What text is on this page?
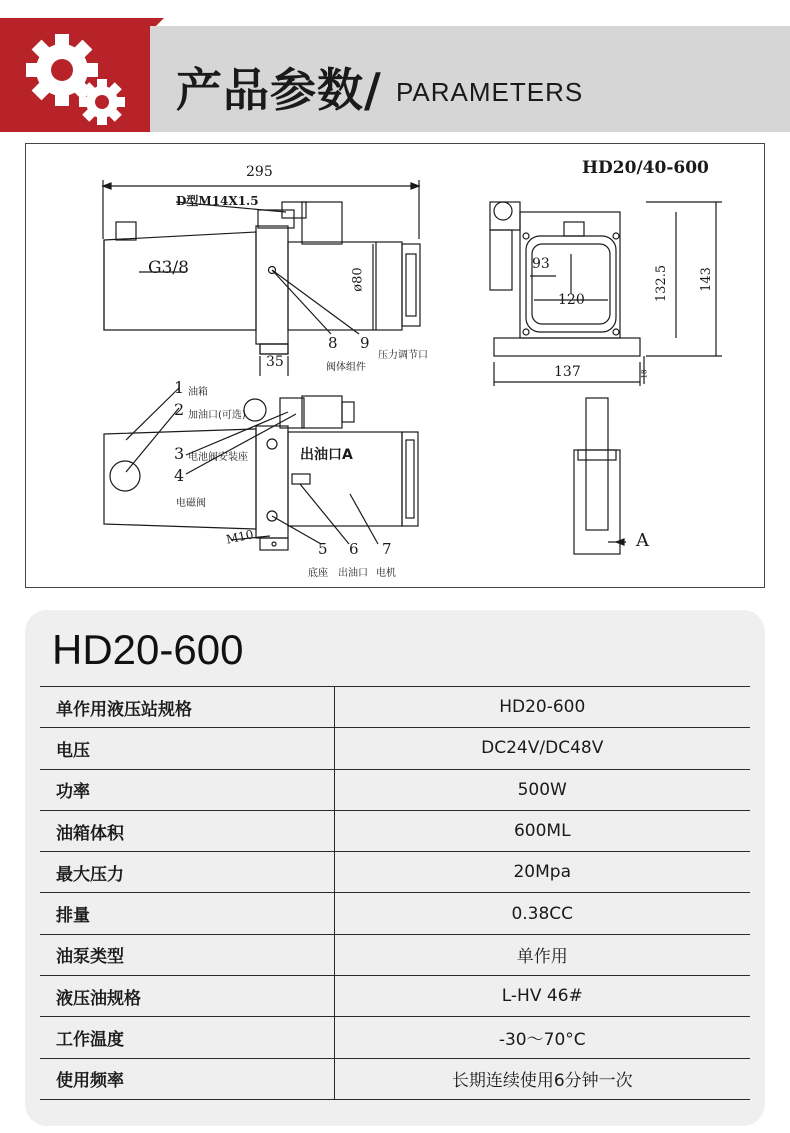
产品参数/ PARAMETERS
295
D型M14X1.5
G3/8	ø80
35
8
阀体组件
9
压力调节口
HD20/40-600
93
120
137
132.5 143
18
1 油箱
2 加油口(可选)
3 电池阀安装座
4
电磁阀
出油口A
M10
5
底座
6
出油口
7
电机
A
HD20-600
单作用液压站规格	HD20-600
电压	DC24V/DC48V
功率	500W
油箱体积	600ML
最大压力	20Mpa
排量	0.38CC
油泵类型	单作用
液压油规格	L-HV 46#
工作温度	-30～70°C
使用频率	长期连续使用6分钟一次
